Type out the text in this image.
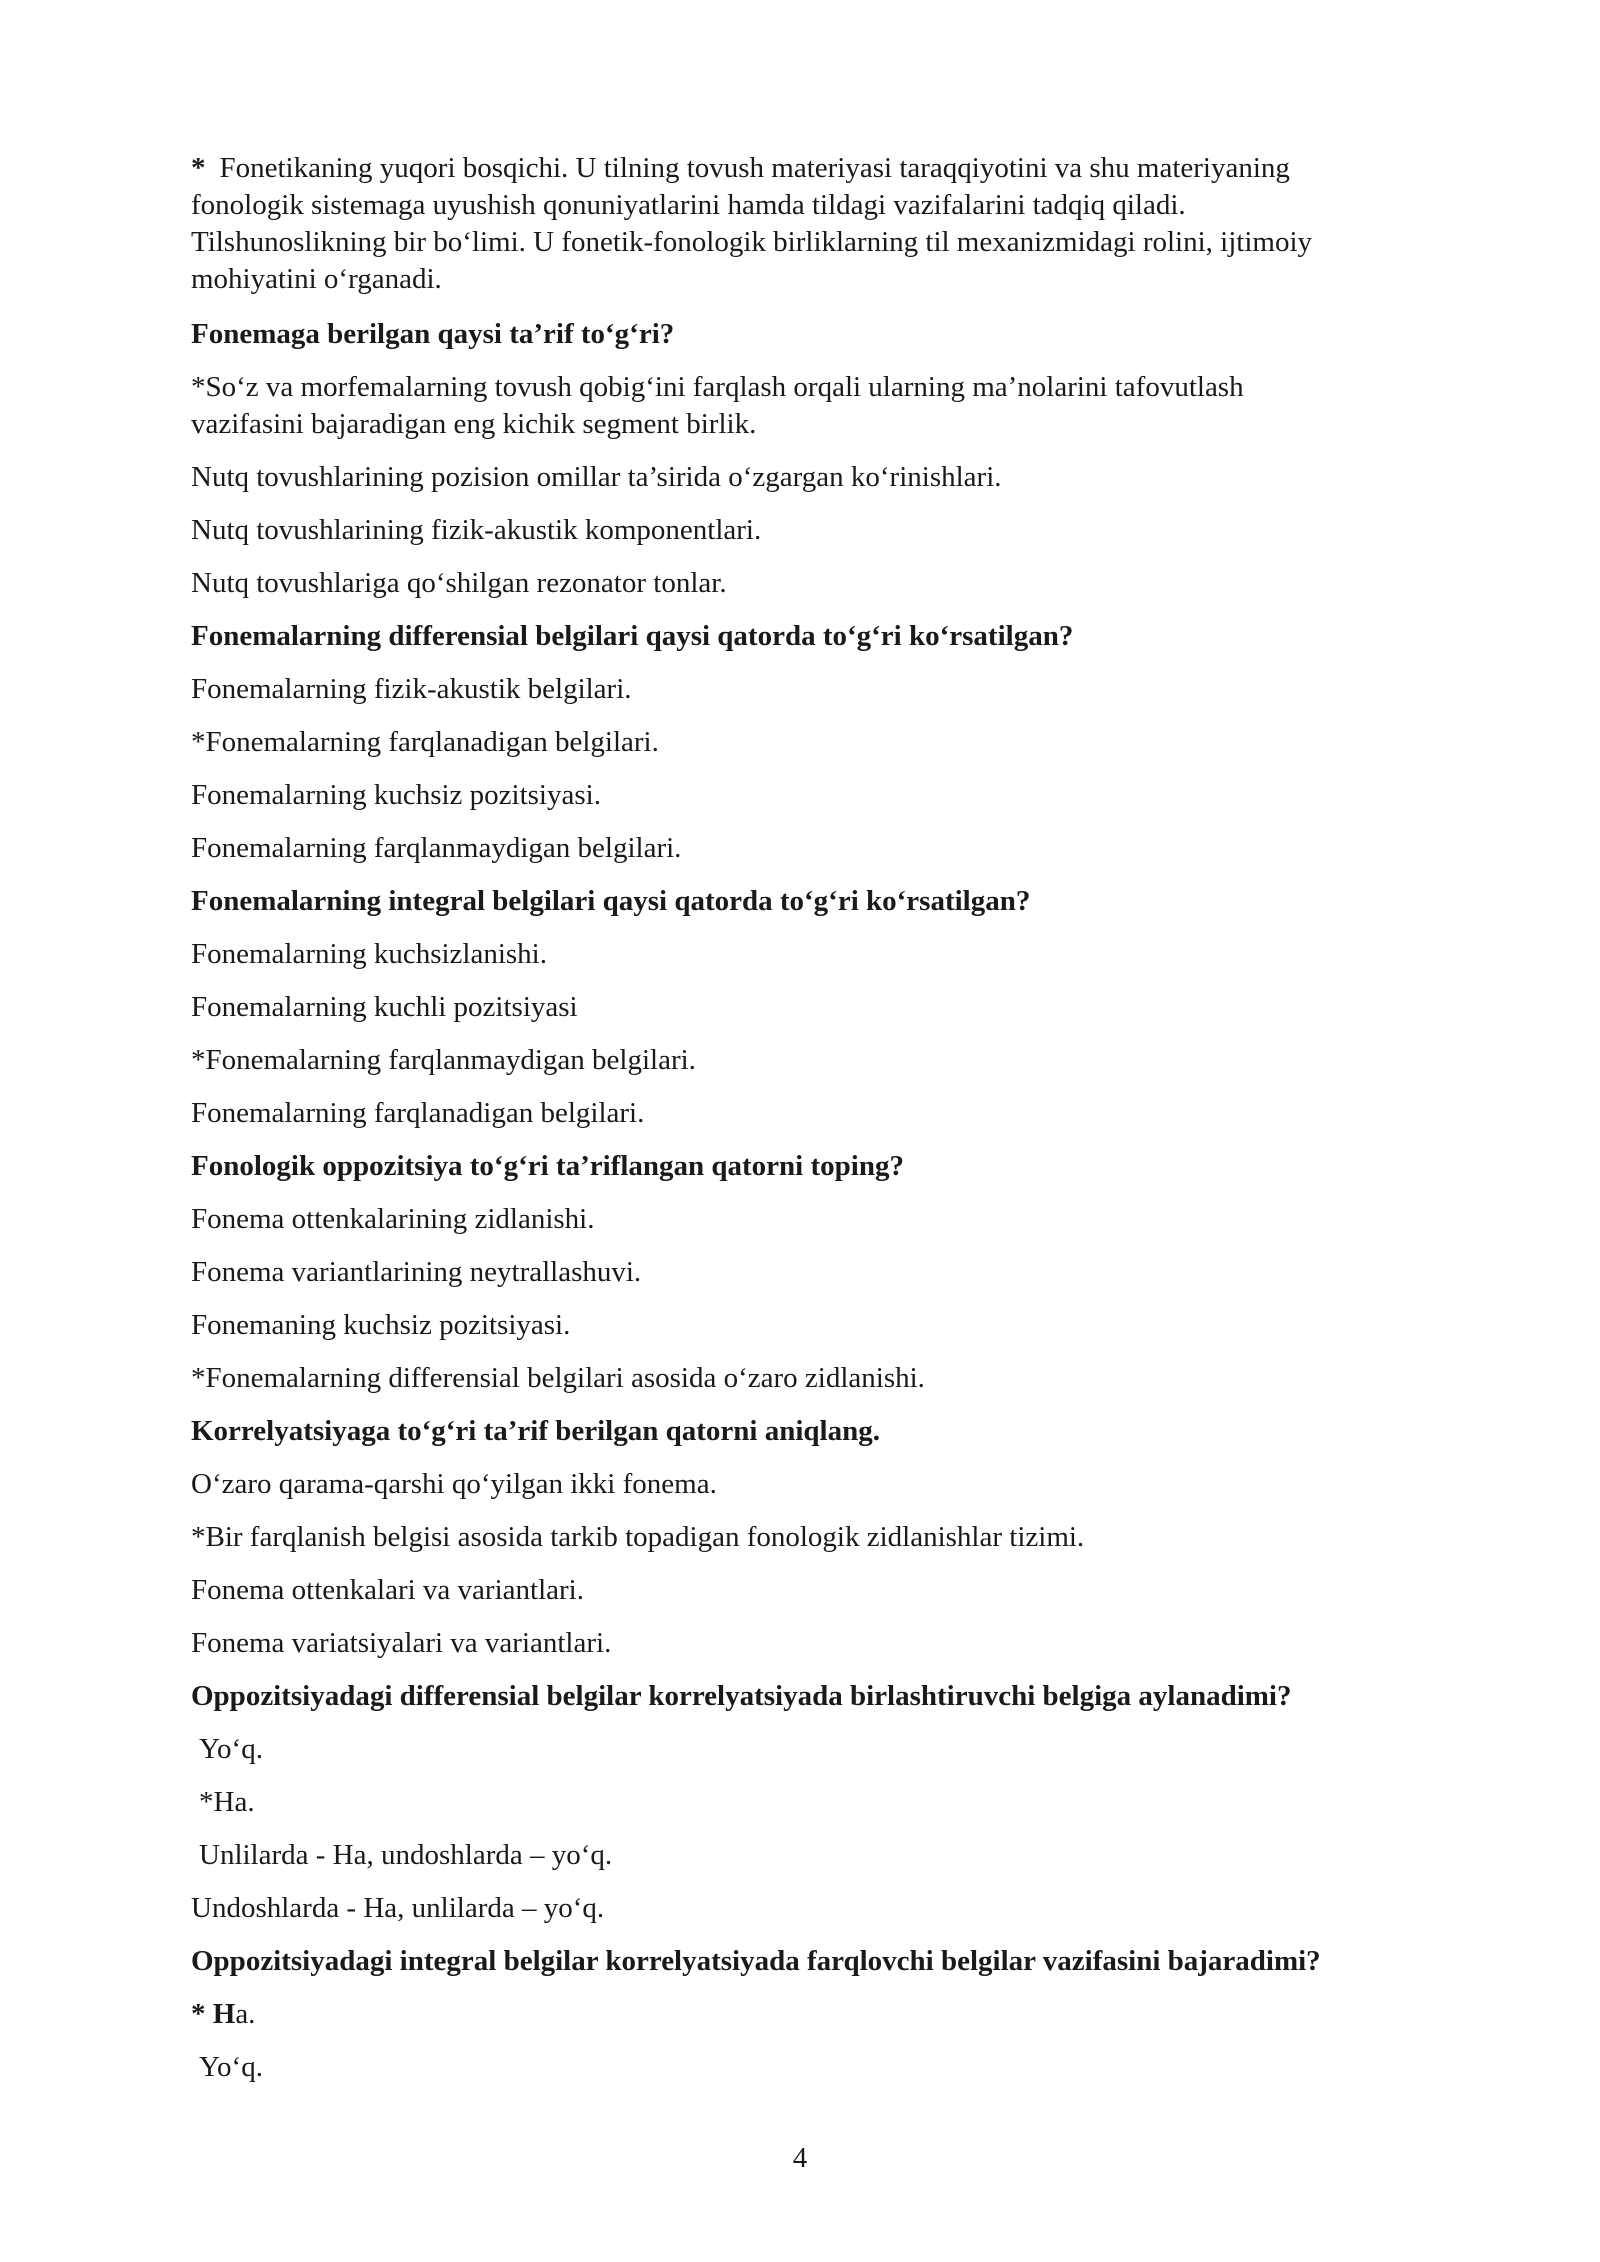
* Fonetikaning yuqori bosqichi. U tilning tovush materiyasi taraqqiyotini va shu materiyaning
fonologik sistemaga uyushish qonuniyatlarini hamda tildagi vazifalarini tadqiq qiladi.
Tilshunoslikning bir bo‘limi. U fonetik-fonologik birliklarning til mexanizmidagi rolini, ijtimoiy
mohiyatini o‘rganadi.
Fonemaga berilgan qaysi ta’rif to‘g‘ri?
*So‘z va morfemalarning tovush qobig‘ini farqlash orqali ularning ma’nolarini tafovutlash
vazifasini bajaradigan eng kichik segment birlik.
Nutq tovushlarining pozision omillar ta’sirida o‘zgargan ko‘rinishlari.
Nutq tovushlarining fizik-akustik komponentlari.
Nutq tovushlariga qo‘shilgan rezonator tonlar.
Fonemalarning differensial belgilari qaysi qatorda to‘g‘ri ko‘rsatilgan?
Fonemalarning fizik-akustik belgilari.
*Fonemalarning farqlanadigan belgilari.
Fonemalarning kuchsiz pozitsiyasi.
Fonemalarning farqlanmaydigan belgilari.
Fonemalarning integral belgilari qaysi qatorda to‘g‘ri ko‘rsatilgan?
Fonemalarning kuchsizlanishi.
Fonemalarning kuchli pozitsiyasi
*Fonemalarning farqlanmaydigan belgilari.
Fonemalarning farqlanadigan belgilari.
Fonologik oppozitsiya to‘g‘ri ta’riflangan qatorni toping?
Fonema ottenkalarining zidlanishi.
Fonema variantlarining neytrallashuvi.
Fonemaning kuchsiz pozitsiyasi.
*Fonemalarning differensial belgilari asosida o‘zaro zidlanishi.
Korrelyatsiyaga to‘g‘ri ta’rif berilgan qatorni aniqlang.
O‘zaro qarama-qarshi qo‘yilgan ikki fonema.
*Bir farqlanish belgisi asosida tarkib topadigan fonologik zidlanishlar tizimi.
Fonema ottenkalari va variantlari.
Fonema variatsiyalari va variantlari.
Oppozitsiyadagi differensial belgilar korrelyatsiyada birlashtiruvchi belgiga aylanadimi?
Yo‘q.
*Ha.
Unlilarda - Ha, undoshlarda – yo‘q.
Undoshlarda - Ha, unlilarda – yo‘q.
Oppozitsiyadagi integral belgilar korrelyatsiyada farqlovchi belgilar vazifasini bajaradimi?
* Ha.
Yo‘q.
4
